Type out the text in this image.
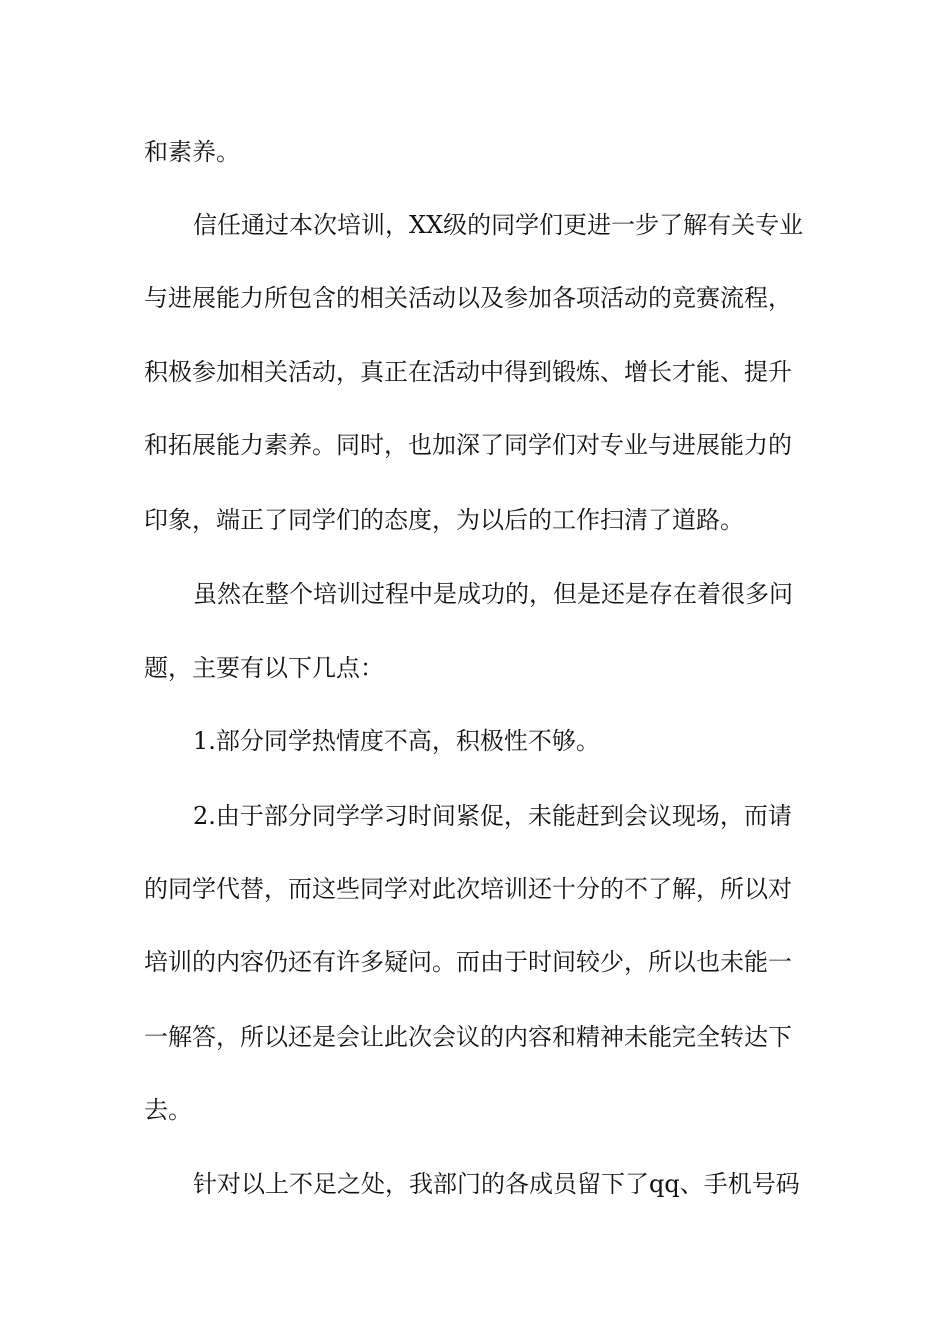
和素养。
信任通过本次培训，XX级的同学们更进一步了解有关专业
与进展能力所包含的相关活动以及参加各项活动的竞赛流程，
积极参加相关活动，真正在活动中得到锻炼、增长才能、提升
和拓展能力素养。同时，也加深了同学们对专业与进展能力的
印象，端正了同学们的态度，为以后的工作扫清了道路。
虽然在整个培训过程中是成功的，但是还是存在着很多问
题，主要有以下几点：
1.部分同学热情度不高，积极性不够。
2.由于部分同学学习时间紧促，未能赶到会议现场，而请
的同学代替，而这些同学对此次培训还十分的不了解，所以对
培训的内容仍还有许多疑问。而由于时间较少，所以也未能一
一解答，所以还是会让此次会议的内容和精神未能完全转达下
去。
针对以上不足之处，我部门的各成员留下了qq、手机号码
